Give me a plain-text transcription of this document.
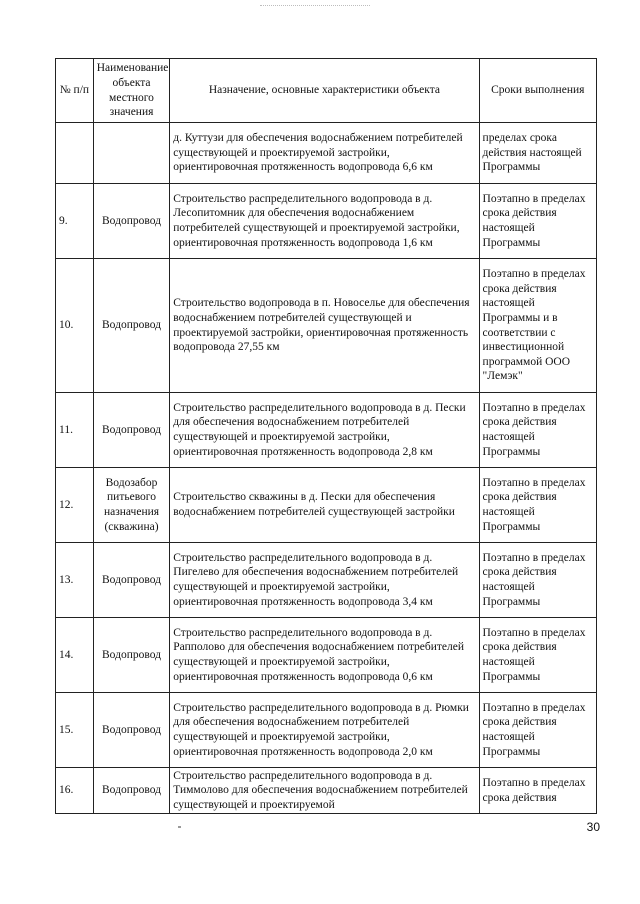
№ п/п	Наименование объекта местного значения	Назначение, основные характеристики объекта	Сроки выполнения
		д. Куттузи для обеспечения водоснабжением потребителей существующей и проектируемой застройки, ориентировочная протяженность водопровода 6,6 км	пределах срока действия настоящей Программы
9.	Водопровод	Строительство распределительного водопровода в д. Лесопитомник для обеспечения водоснабжением потребителей существующей и проектируемой застройки, ориентировочная протяженность водопровода 1,6 км	Поэтапно в пределах срока действия настоящей Программы
10.	Водопровод	Строительство водопровода в п. Новоселье для обеспечения водоснабжением потребителей существующей и проектируемой застройки, ориентировочная протяженность водопровода 27,55 км	Поэтапно в пределах срока действия настоящей Программы и в соответствии с инвестиционной программой ООО "Лемэк"
11.	Водопровод	Строительство распределительного водопровода в д. Пески для обеспечения водоснабжением потребителей существующей и проектируемой застройки, ориентировочная протяженность водопровода 2,8 км	Поэтапно в пределах срока действия настоящей Программы
12.	Водозабор питьевого назначения (скважина)	Строительство скважины в д. Пески для обеспечения водоснабжением потребителей существующей застройки	Поэтапно в пределах срока действия настоящей Программы
13.	Водопровод	Строительство распределительного водопровода в д. Пигелево для обеспечения водоснабжением потребителей существующей и проектируемой застройки, ориентировочная протяженность водопровода 3,4 км	Поэтапно в пределах срока действия настоящей Программы
14.	Водопровод	Строительство распределительного водопровода в д. Рапполово для обеспечения водоснабжением потребителей существующей и проектируемой застройки, ориентировочная протяженность водопровода 0,6 км	Поэтапно в пределах срока действия настоящей Программы
15.	Водопровод	Строительство распределительного водопровода в д. Рюмки для обеспечения водоснабжением потребителей существующей и проектируемой застройки, ориентировочная протяженность водопровода 2,0 км	Поэтапно в пределах срока действия настоящей Программы
16.	Водопровод	Строительство распределительного водопровода в д. Тиммолово для обеспечения водоснабжением потребителей существующей и проектируемой	Поэтапно в пределах срока действия
30
